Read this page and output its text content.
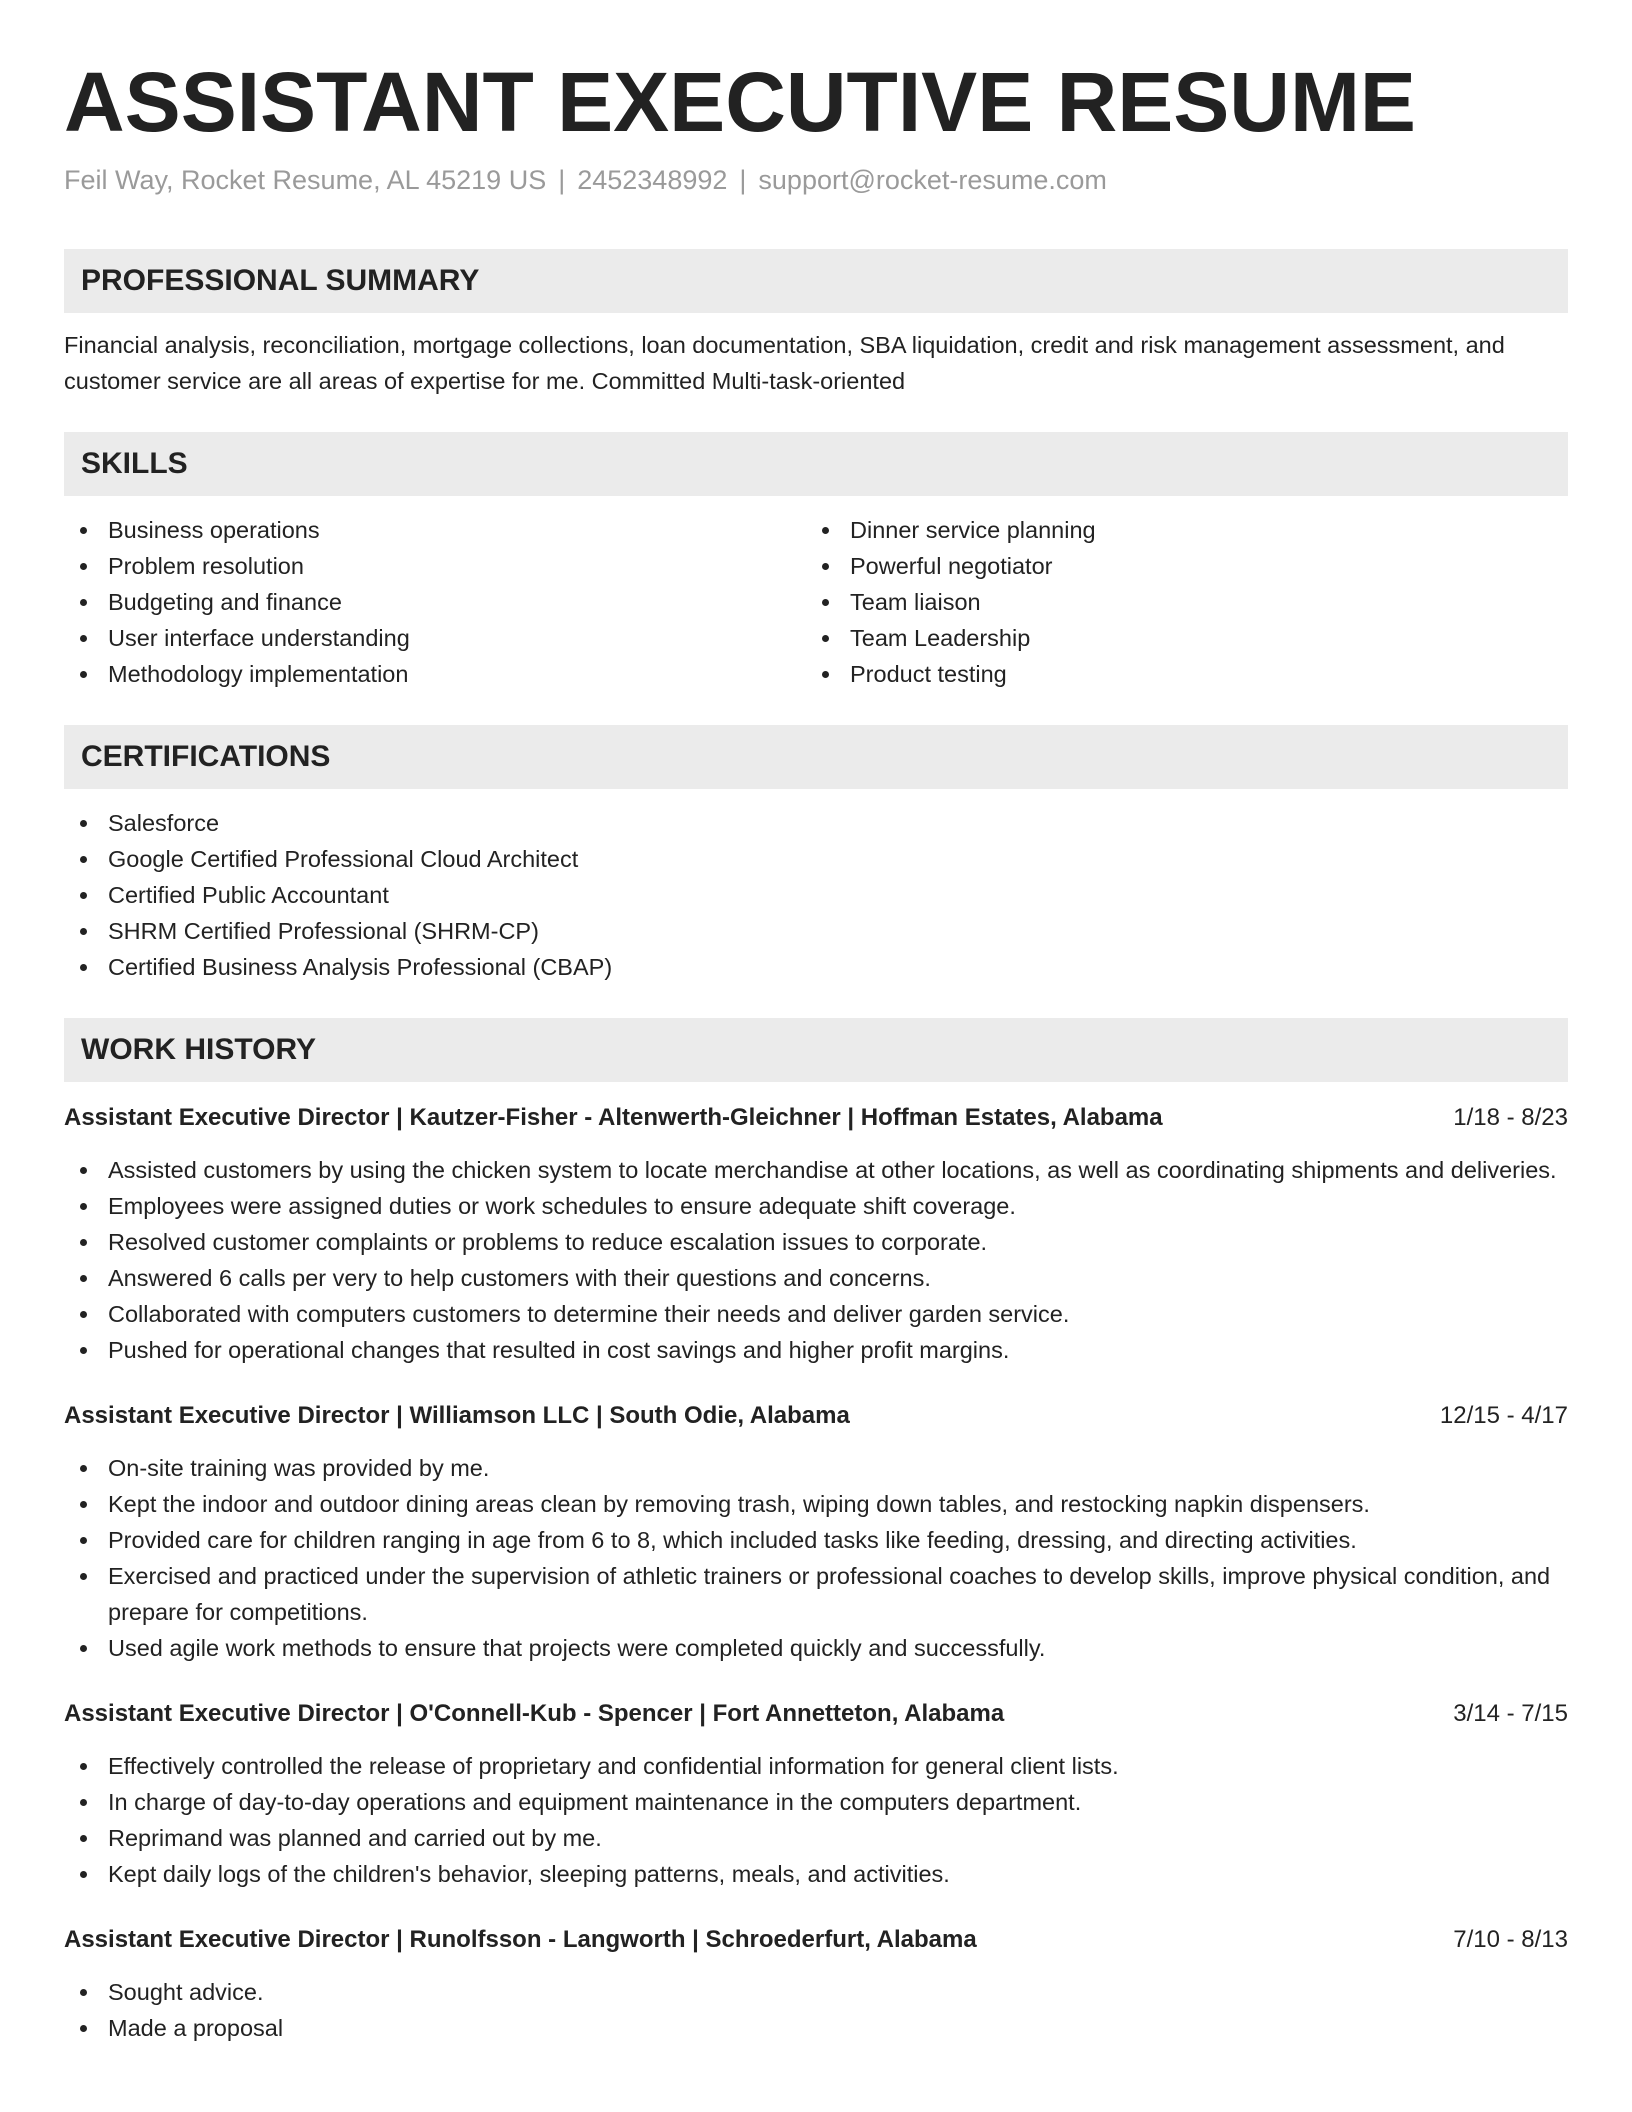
ASSISTANT EXECUTIVE RESUME
Feil Way, Rocket Resume, AL 45219 US | 2452348992 | support@rocket-resume.com
PROFESSIONAL SUMMARY
Financial analysis, reconciliation, mortgage collections, loan documentation, SBA liquidation, credit and risk management assessment, and customer service are all areas of expertise for me. Committed Multi-task-oriented
SKILLS
Business operations
Problem resolution
Budgeting and finance
User interface understanding
Methodology implementation
Dinner service planning
Powerful negotiator
Team liaison
Team Leadership
Product testing
CERTIFICATIONS
Salesforce
Google Certified Professional Cloud Architect
Certified Public Accountant
SHRM Certified Professional (SHRM-CP)
Certified Business Analysis Professional (CBAP)
WORK HISTORY
Assistant Executive Director | Kautzer-Fisher - Altenwerth-Gleichner | Hoffman Estates, Alabama	1/18 - 8/23
Assisted customers by using the chicken system to locate merchandise at other locations, as well as coordinating shipments and deliveries.
Employees were assigned duties or work schedules to ensure adequate shift coverage.
Resolved customer complaints or problems to reduce escalation issues to corporate.
Answered 6 calls per very to help customers with their questions and concerns.
Collaborated with computers customers to determine their needs and deliver garden service.
Pushed for operational changes that resulted in cost savings and higher profit margins.
Assistant Executive Director | Williamson LLC | South Odie, Alabama	12/15 - 4/17
On-site training was provided by me.
Kept the indoor and outdoor dining areas clean by removing trash, wiping down tables, and restocking napkin dispensers.
Provided care for children ranging in age from 6 to 8, which included tasks like feeding, dressing, and directing activities.
Exercised and practiced under the supervision of athletic trainers or professional coaches to develop skills, improve physical condition, and prepare for competitions.
Used agile work methods to ensure that projects were completed quickly and successfully.
Assistant Executive Director | O'Connell-Kub - Spencer | Fort Annetteton, Alabama	3/14 - 7/15
Effectively controlled the release of proprietary and confidential information for general client lists.
In charge of day-to-day operations and equipment maintenance in the computers department.
Reprimand was planned and carried out by me.
Kept daily logs of the children's behavior, sleeping patterns, meals, and activities.
Assistant Executive Director | Runolfsson - Langworth | Schroederfurt, Alabama	7/10 - 8/13
Sought advice.
Made a proposal
